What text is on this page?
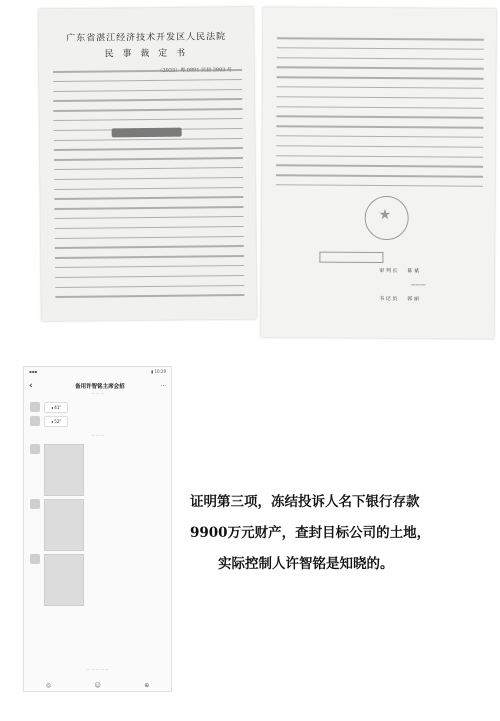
广东省湛江经济技术开发区人民法院
民 事 裁 定 书
★
审 判 长　　陈 斌
　　　　　　 ———
书 记 员　　郭 丽
▪▪▪	▮ 10:29
‹	备用许智铭主席会招	···
— — —
◂ 41"
◂ 52"
— — —
— — — — —
◎	☺	⊕
证明第三项，冻结投诉人名下银行存款
9900万元财产，查封目标公司的土地，
实际控制人许智铭是知晓的。
